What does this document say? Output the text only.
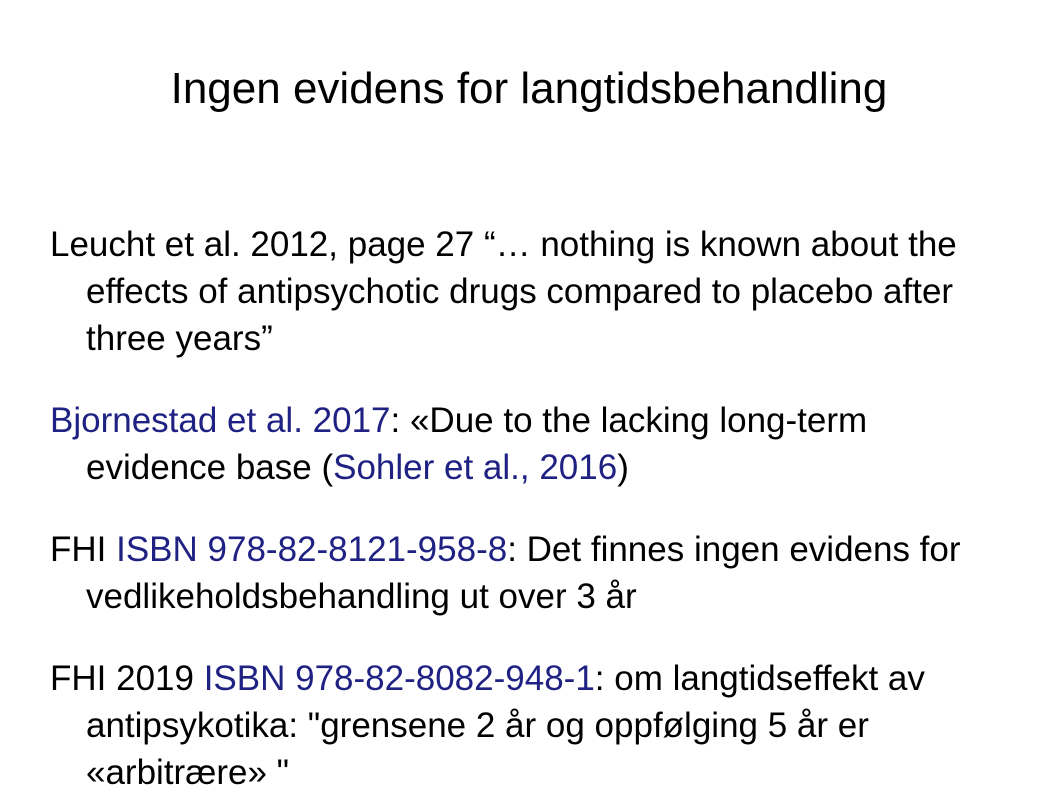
Ingen evidens for langtidsbehandling

Leucht et al. 2012, page 27 “… nothing is known about the effects of antipsychotic drugs compared to placebo after three years”

Bjornestad et al. 2017: «Due to the lacking long-term evidence base (Sohler et al., 2016)

FHI ISBN 978-82-8121-958-8: Det finnes ingen evidens for vedlikeholdsbehandling ut over 3 år

FHI 2019 ISBN 978-82-8082-948-1: om langtidseffekt av antipsykotika: "grensene 2 år og oppfølging 5 år er «arbitrære» "
